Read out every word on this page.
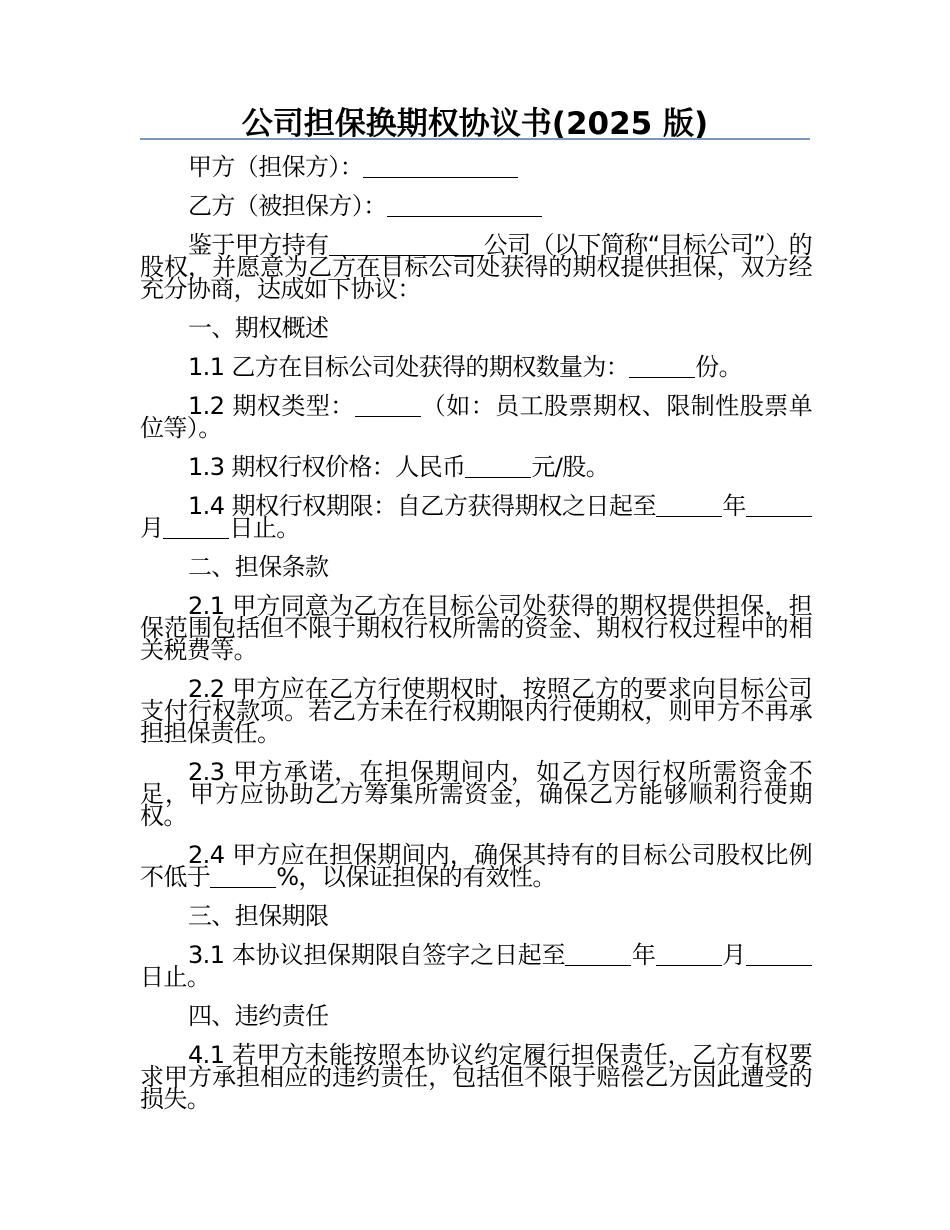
公司担保换期权协议书(2025 版)

甲方（担保方）：

乙方（被担保方）：

鉴于甲方持有	公司（以下简称“目标公司”）的股权，并愿意为乙方在目标公司处获得的期权提供担保，双方经充分协商，达成如下协议：

一、期权概述

1.1 乙方在目标公司处获得的期权数量为：	份。

1.2 期权类型：	（如：员工股票期权、限制性股票单位等）。

1.3 期权行权价格：人民币	元/股。

1.4 期权行权期限：自乙方获得期权之日起至	年月	日止。

二、担保条款

2.1 甲方同意为乙方在目标公司处获得的期权提供担保，担保范围包括但不限于期权行权所需的资金、期权行权过程中的相关税费等。

2.2 甲方应在乙方行使期权时，按照乙方的要求向目标公司支付行权款项。若乙方未在行权期限内行使期权，则甲方不再承担担保责任。

2.3 甲方承诺，在担保期间内，如乙方因行权所需资金不足，甲方应协助乙方筹集所需资金，确保乙方能够顺利行使期权。

2.4 甲方应在担保期间内，确保其持有的目标公司股权比例不低于	%，以保证担保的有效性。

三、担保期限

3.1 本协议担保期限自签字之日起至	年	月日止。

四、违约责任

4.1 若甲方未能按照本协议约定履行担保责任，乙方有权要求甲方承担相应的违约责任，包括但不限于赔偿乙方因此遭受的损失。
